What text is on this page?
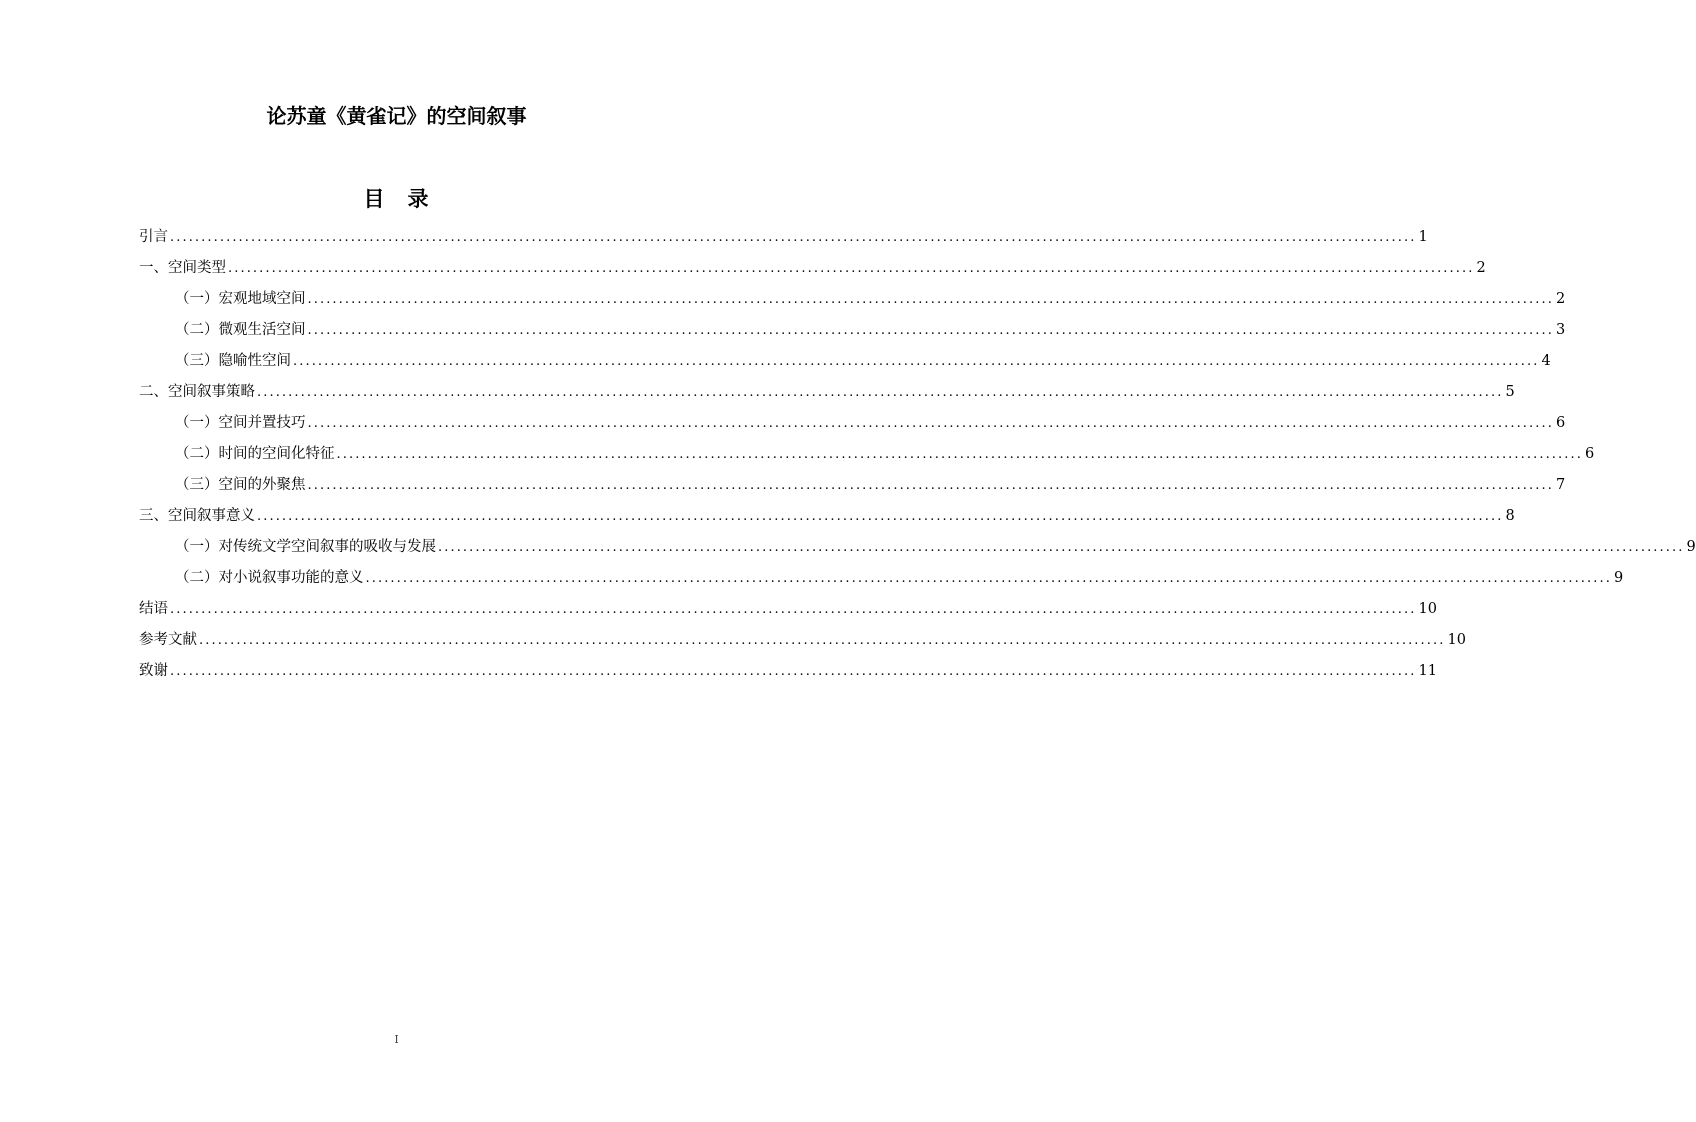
论苏童《黄雀记》的空间叙事
目　录
引言 ........................................................................................................................................................................................................ 1
一、空间类型 ........................................................................................................................................................................................................ 2
（一）宏观地域空间 ........................................................................................................................................................................................................ 2
（二）微观生活空间 ........................................................................................................................................................................................................ 3
（三）隐喻性空间 ........................................................................................................................................................................................................ 4
二、空间叙事策略 ........................................................................................................................................................................................................ 5
（一）空间并置技巧 ........................................................................................................................................................................................................ 6
（二）时间的空间化特征 ........................................................................................................................................................................................................ 6
（三）空间的外聚焦 ........................................................................................................................................................................................................ 7
三、空间叙事意义 ........................................................................................................................................................................................................ 8
（一）对传统文学空间叙事的吸收与发展 ........................................................................................................................................................................................................ 9
（二）对小说叙事功能的意义 ........................................................................................................................................................................................................ 9
结语 ........................................................................................................................................................................................................ 10
参考文献 ........................................................................................................................................................................................................ 10
致谢 ........................................................................................................................................................................................................ 11
I
